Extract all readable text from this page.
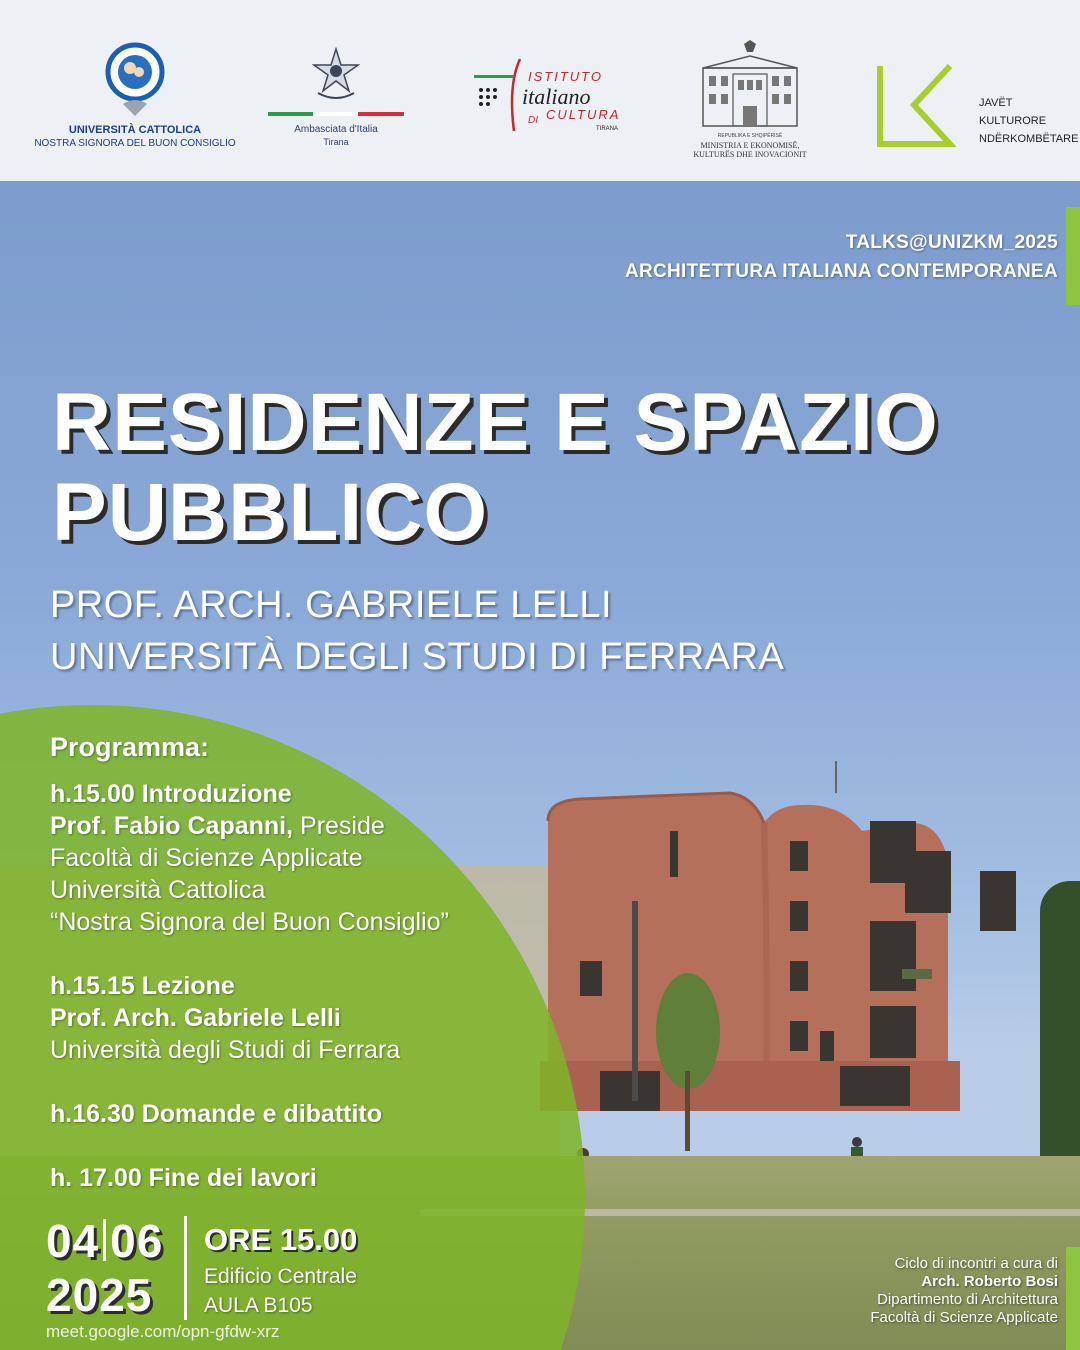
UNIVERSITÀ CATTOLICA
NOSTRA SIGNORA DEL BUON CONSIGLIO
Ambasciata d'Italia
Tirana
ISTITUTO
italiano
DI CULTURA
TIRANA
REPUBLIKA E SHQIPËRISË
MINISTRIA E EKONOMISË,
KULTURËS DHE INOVACIONIT
JAVËT
KULTURORE
NDËRKOMBËTARE
TALKS@UNIZKM_2025
ARCHITETTURA ITALIANA CONTEMPORANEA
RESIDENZE E SPAZIO
PUBBLICO
PROF. ARCH. GABRIELE LELLI
UNIVERSITÀ DEGLI STUDI DI FERRARA
Programma:
h.15.00 Introduzione
Prof. Fabio Capanni, Preside
Facoltà di Scienze Applicate
Università Cattolica
“Nostra Signora del Buon Consiglio”
h.15.15 Lezione
Prof. Arch. Gabriele Lelli
Università degli Studi di Ferrara
h.16.30 Domande e dibattito
h. 17.00 Fine dei lavori
04 06
2025
ORE 15.00
Edificio Centrale
AULA B105
meet.google.com/opn-gfdw-xrz
Ciclo di incontri a cura di
Arch. Roberto Bosi
Dipartimento di Architettura
Facoltà di Scienze Applicate
